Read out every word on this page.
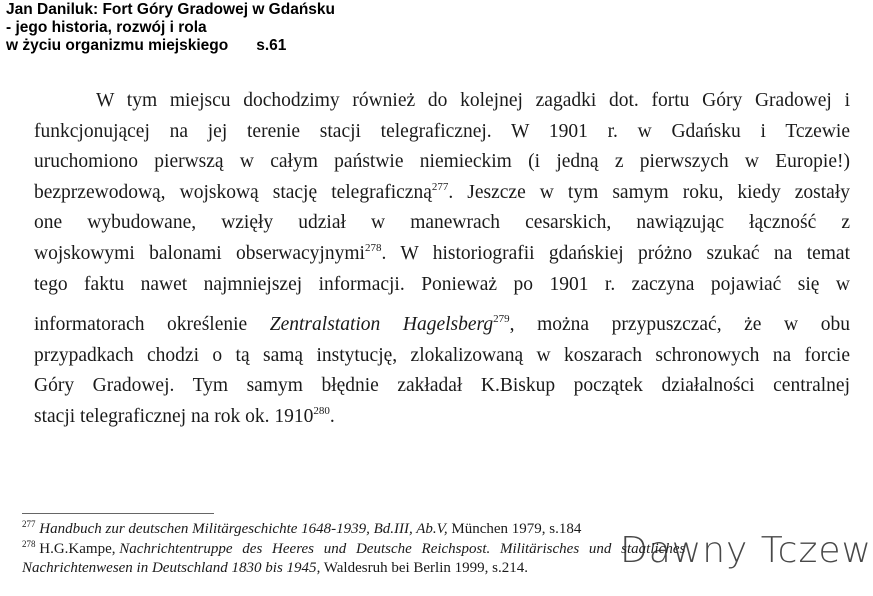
Jan Daniluk: Fort Góry Gradowej w Gdańsku
- jego historia, rozwój i rola
w życiu organizmu miejskiego s.61
W tym miejscu dochodzimy również do kolejnej zagadki dot. fortu Góry Gradowej i
funkcjonującej na jej terenie stacji telegraficznej. W 1901 r. w Gdańsku i Tczewie
uruchomiono pierwszą w całym państwie niemieckim (i jedną z pierwszych w Europie!)
bezprzewodową, wojskową stację telegraficzną$^{277}$. Jeszcze w tym samym roku, kiedy zostały
one wybudowane, wzięły udział w manewrach cesarskich, nawiązując łączność z
wojskowymi balonami obserwacyjnymi$^{278}$. W historiografii gdańskiej próżno szukać na temat
tego faktu nawet najmniejszej informacji. Ponieważ po 1901 r. zaczyna pojawiać się w
informatorach określenie Zentralstation Hagelsberg$^{279}$, można przypuszczać, że w obu
przypadkach chodzi o tą samą instytucję, zlokalizowaną w koszarach schronowych na forcie
Góry Gradowej. Tym samym błędnie zakładał K.Biskup początek działalności centralnej
stacji telegraficznej na rok ok. 1910$^{280}$.
$^{277}$ Handbuch zur deutschen Militärgeschichte 1648-1939, Bd.III, Ab.V, München 1979, s.184
$^{278}$ H.G.Kampe, Nachrichtentruppe des Heeres und Deutsche Reichspost. Militärisches und staatliches
Nachrichtenwesen in Deutschland 1830 bis 1945, Waldesruh bei Berlin 1999, s.214.	Dawny Tczew
